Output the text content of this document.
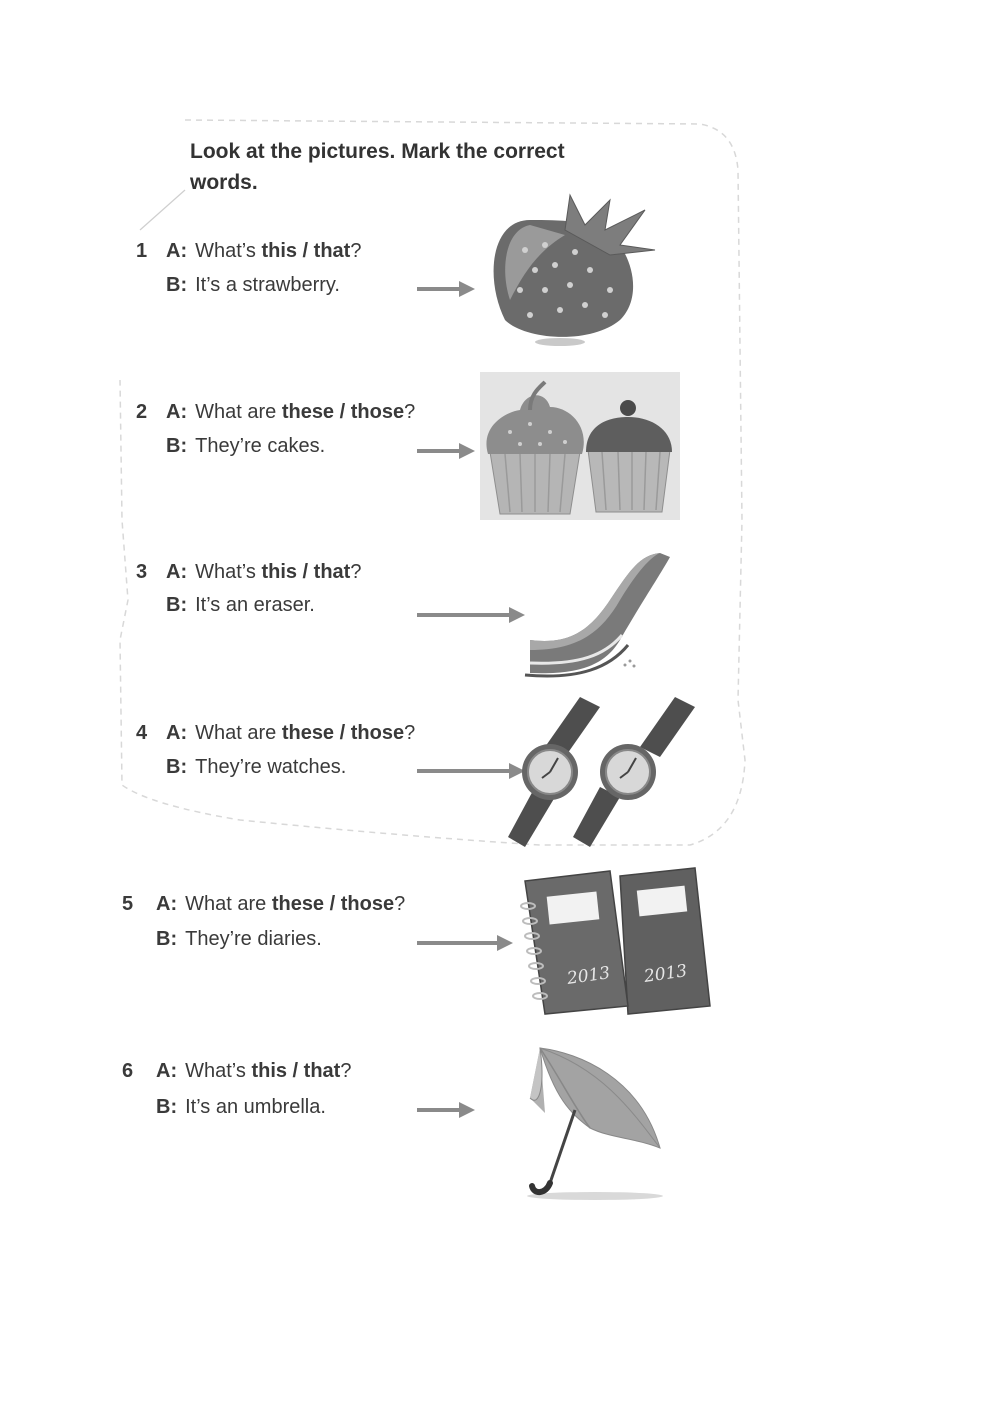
Look at the pictures. Mark the correct words.
1 A: What’s this / that?
B: It’s a strawberry.
2 A: What are these / those?
B: They’re cakes.
3 A: What’s this / that?
B: It’s an eraser.
4 A: What are these / those?
B: They’re watches.
5 A: What are these / those?
B: They’re diaries.
2013 2013
6 A: What’s this / that?
B: It’s an umbrella.
